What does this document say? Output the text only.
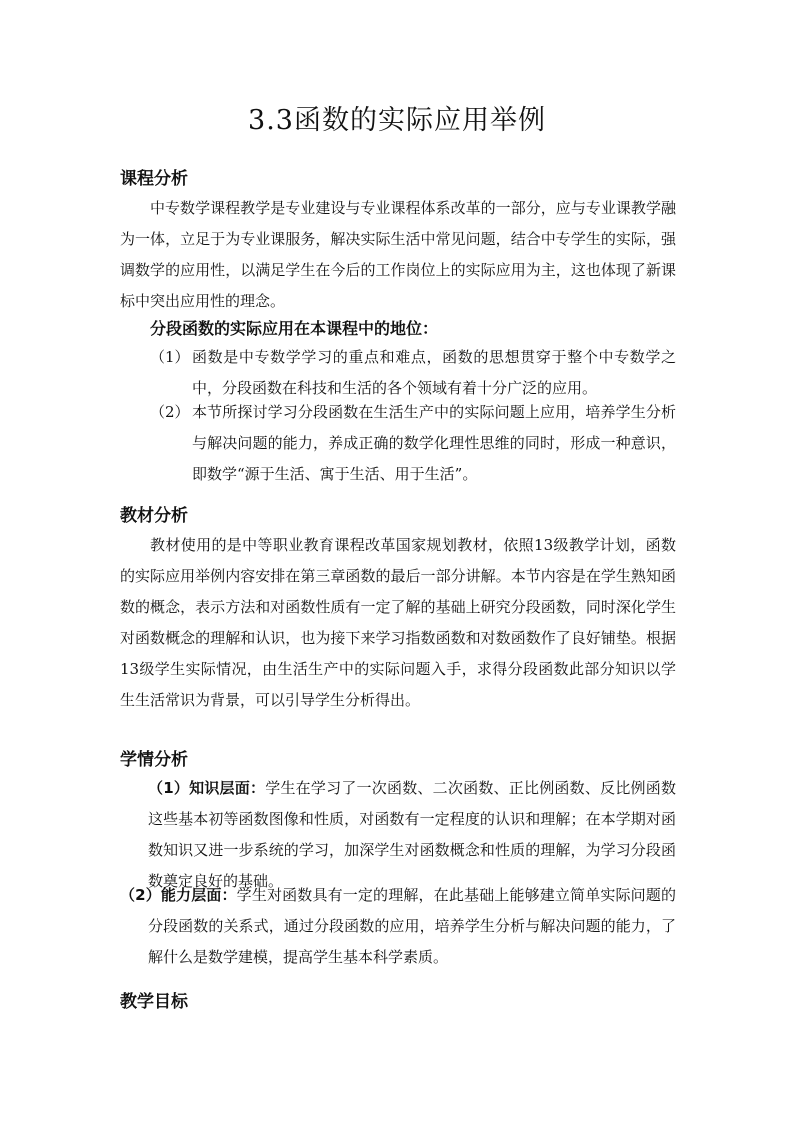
3.3函数的实际应用举例
课程分析
中专数学课程教学是专业建设与专业课程体系改革的一部分，应与专业课教学融为一体，立足于为专业课服务，解决实际生活中常见问题，结合中专学生的实际，强调数学的应用性，以满足学生在今后的工作岗位上的实际应用为主，这也体现了新课标中突出应用性的理念。
分段函数的实际应用在本课程中的地位：
（1） 函数是中专数学学习的重点和难点，函数的思想贯穿于整个中专数学之中，分段函数在科技和生活的各个领域有着十分广泛的应用。
（2） 本节所探讨学习分段函数在生活生产中的实际问题上应用，培养学生分析与解决问题的能力，养成正确的数学化理性思维的同时，形成一种意识，即数学“源于生活、寓于生活、用于生活”。
教材分析
教材使用的是中等职业教育课程改革国家规划教材，依照13级教学计划，函数的实际应用举例内容安排在第三章函数的最后一部分讲解。本节内容是在学生熟知函数的概念，表示方法和对函数性质有一定了解的基础上研究分段函数，同时深化学生对函数概念的理解和认识，也为接下来学习指数函数和对数函数作了良好铺垫。根据13级学生实际情况，由生活生产中的实际问题入手，求得分段函数此部分知识以学生生活常识为背景，可以引导学生分析得出。
学情分析
（1）知识层面：学生在学习了一次函数、二次函数、正比例函数、反比例函数这些基本初等函数图像和性质，对函数有一定程度的认识和理解；在本学期对函数知识又进一步系统的学习，加深学生对函数概念和性质的理解，为学习分段函数奠定良好的基础。
（2）能力层面：学生对函数具有一定的理解，在此基础上能够建立简单实际问题的分段函数的关系式，通过分段函数的应用，培养学生分析与解决问题的能力，了解什么是数学建模，提高学生基本科学素质。
教学目标
